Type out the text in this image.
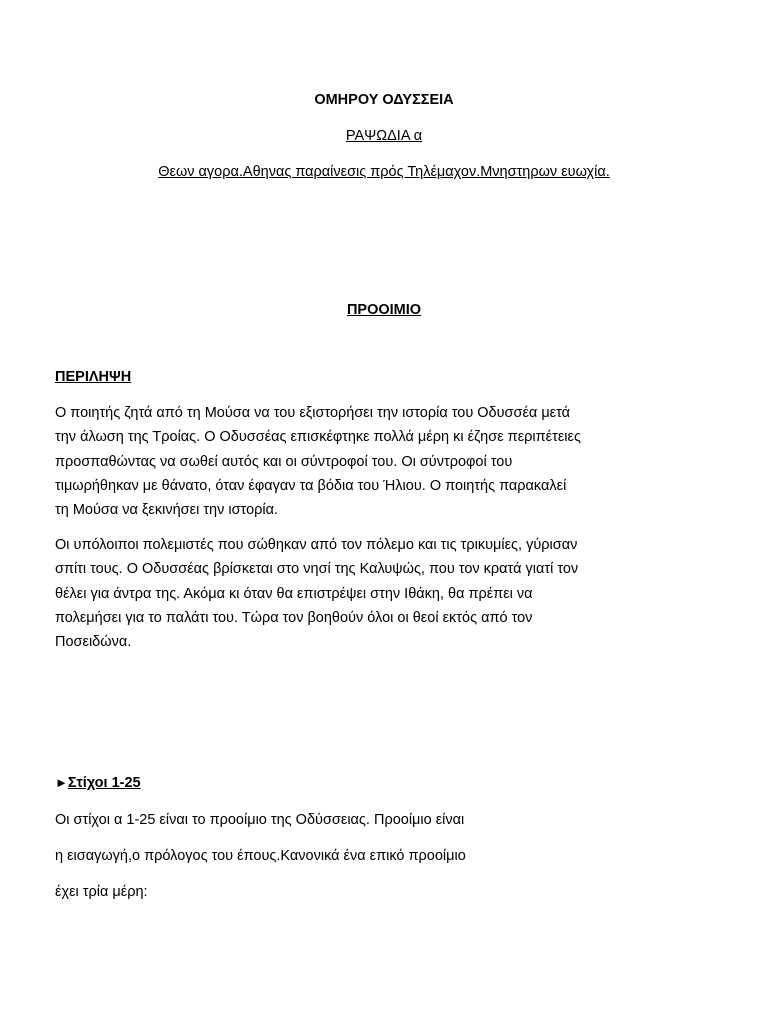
ΟΜΗΡΟΥ ΟΔΥΣΣΕΙΑ
ΡΑΨΩΔΙΑ α
Θεων αγορα.Αθηνας παραίνεσις πρός Τηλέμαχον.Μνηστηρων ευωχία.
ΠΡΟΟΙΜΙΟ
ΠΕΡΙΛΗΨΗ
Ο ποιητής ζητά από τη Μούσα να του εξιστορήσει την ιστορία του Οδυσσέα μετά
την άλωση της Τροίας. Ο Οδυσσέας επισκέφτηκε πολλά μέρη κι έζησε περιπέτειες
προσπαθώντας να σωθεί αυτός και οι σύντροφοί του. Οι σύντροφοί του
τιμωρήθηκαν με θάνατο, όταν έφαγαν τα βόδια του Ήλιου. Ο ποιητής παρακαλεί
τη Μούσα να ξεκινήσει την ιστορία.
Οι υπόλοιποι πολεμιστές που σώθηκαν από τον πόλεμο και τις τρικυμίες, γύρισαν
σπίτι τους. Ο Οδυσσέας βρίσκεται στο νησί της Καλυψώς, που τον κρατά γιατί τον
θέλει για άντρα της. Ακόμα κι όταν θα επιστρέψει στην Ιθάκη, θα πρέπει να
πολεμήσει για το παλάτι του. Τώρα τον βοηθούν όλοι οι θεοί εκτός από τον
Ποσειδώνα.
►Στίχοι 1-25
Οι στίχοι α 1-25 είναι το προοίμιο της Οδύσσειας. Προοίμιο είναι
η εισαγωγή,ο πρόλογος του έπους.Κανονικά ένα επικό προοίμιο
έχει τρία μέρη:
